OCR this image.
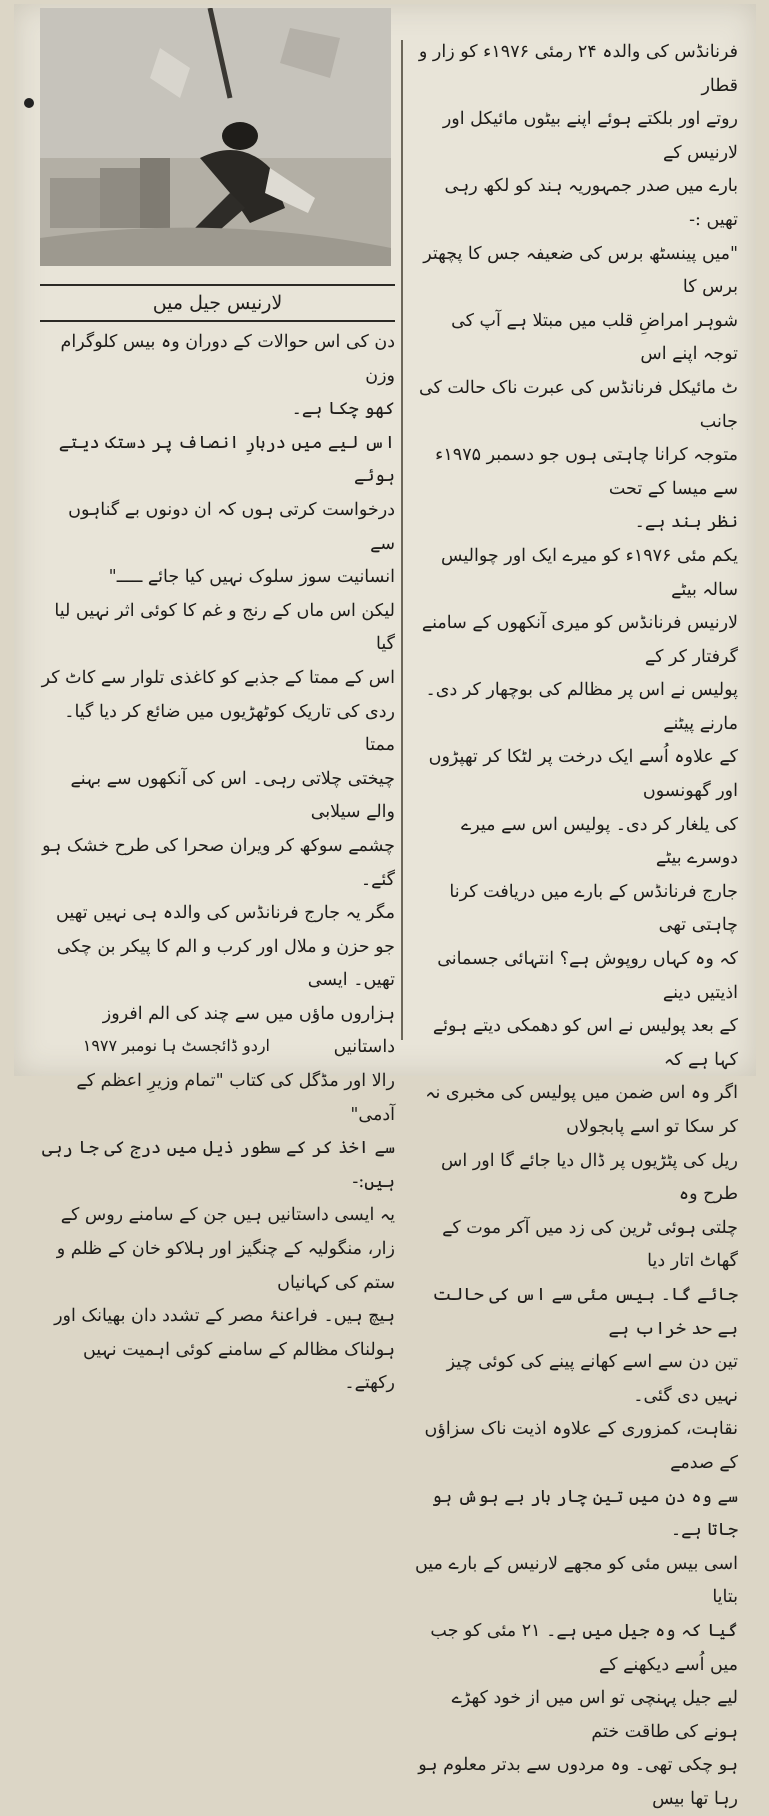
لارنیس جیل میں

فرنانڈس کی والدہ ۲۴ رمئی ۱۹۷۶ء کو زار و قطار

روتے اور بلکتے ہوئے اپنے بیٹوں مائیکل اور لارنیس کے

بارے میں صدر جمہوریہ ہند کو لکھ رہی تھیں :-

"میں پینسٹھ برس کی ضعیفہ جس کا پچھتر برس کا

شوہر امراضِ قلب میں مبتلا ہے آپ کی توجہ اپنے اس

ٹ مائیکل فرنانڈس کی عبرت ناک حالت کی جانب

متوجہ کرانا چاہتی ہوں جو دسمبر ۱۹۷۵ء سے میسا کے تحت

نظر بند ہے۔

یکم مئی ۱۹۷۶ء کو میرے ایک اور چوالیس سالہ بیٹے

لارنیس فرنانڈس کو میری آنکھوں کے سامنے گرفتار کر کے

پولیس نے اس پر مظالم کی بوچھار کر دی۔ مارنے پیٹنے

کے علاوہ اُسے ایک درخت پر لٹکا کر تھپڑوں اور گھونسوں

کی یلغار کر دی۔ پولیس اس سے میرے دوسرے بیٹے

جارج فرنانڈس کے بارے میں دریافت کرنا چاہتی تھی

کہ وہ کہاں روپوش ہے؟ انتہائی جسمانی اذیتیں دینے

کے بعد پولیس نے اس کو دھمکی دیتے ہوئے کہا ہے کہ

اگر وہ اس ضمن میں پولیس کی مخبری نہ کر سکا تو اسے پابجولاں

ریل کی پٹڑیوں پر ڈال دیا جائے گا اور اس طرح وہ

چلتی ہوئی ٹرین کی زد میں آکر موت کے گھاٹ اتار دیا

جائے گا۔ بیس مئی سے اس کی حالت بے حد خراب ہے

تین دن سے اسے کھانے پینے کی کوئی چیز نہیں دی گئی۔

نقاہت، کمزوری کے علاوہ اذیت ناک سزاؤں کے صدمے

سے وہ دن میں تین چار بار بے ہوش ہو جاتا ہے۔

اسی بیس مئی کو مجھے لارنیس کے بارے میں بتایا

گیا کہ وہ جیل میں ہے۔ ۲۱ مئی کو جب میں اُسے دیکھنے کے

لیے جیل پہنچی تو اس میں از خود کھڑے ہونے کی طاقت ختم

ہو چکی تھی۔ وہ مردوں سے بدتر معلوم ہو رہا تھا بیس

دن کی اس حوالات کے دوران وہ بیس کلوگرام وزن

کھو چکا ہے۔

اس لیے میں دربارِ انصاف پر دستک دیتے ہوئے

درخواست کرتی ہوں کہ ان دونوں بے گناہوں سے

انسانیت سوز سلوک نہیں کیا جائے ـــــ"

لیکن اس ماں کے رنج و غم کا کوئی اثر نہیں لیا گیا

اس کے ممتا کے جذبے کو کاغذی تلوار سے کاٹ کر

ردی کی تاریک کوٹھڑیوں میں ضائع کر دیا گیا۔ ممتا

چیختی چلاتی رہی۔ اس کی آنکھوں سے بہنے والے سیلابی

چشمے سوکھ کر ویران صحرا کی طرح خشک ہو گئے۔

مگر یہ جارج فرنانڈس کی والدہ ہی نہیں تھیں

جو حزن و ملال اور کرب و الم کا پیکر بن چکی تھیں۔ ایسی

ہزاروں ماؤں میں سے چند کی الم افروز داستانیں

رالا اور مڈگل کی کتاب "تمام وزیرِ اعظم کے آدمی"

سے اخذ کر کے سطور ذیل میں درج کی جا رہی ہیں:-

یہ ایسی داستانیں ہیں جن کے سامنے روس کے

زار، منگولیہ کے چنگیز اور ہلاکو خان کے ظلم و ستم کی کہانیاں

ہیچ ہیں۔ فراعنۂ مصر کے تشدد دان بھیانک اور

ہولناک مظالم کے سامنے کوئی اہمیت نہیں رکھتے۔

اردو ڈائجسٹ ہا نومبر ۱۹۷۷
